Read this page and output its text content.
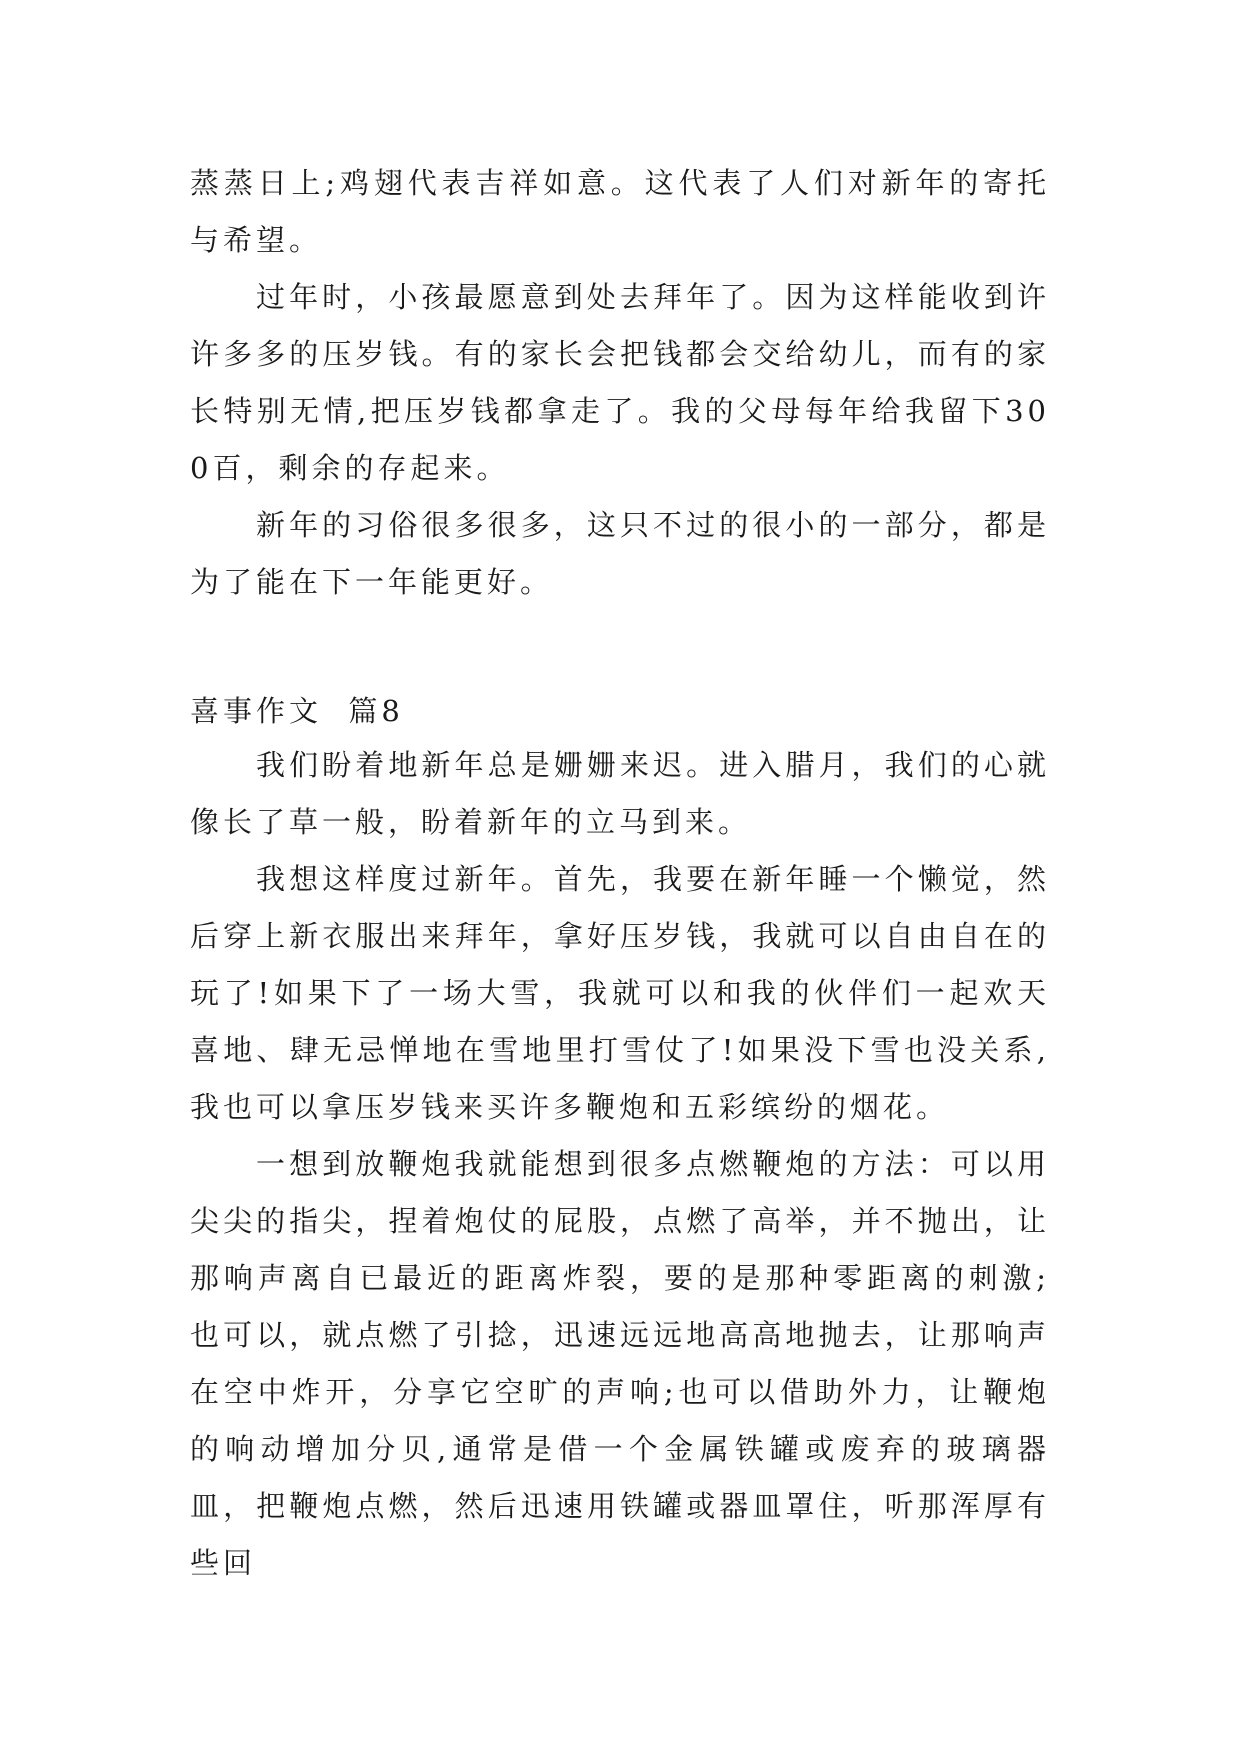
蒸蒸日上;鸡翅代表吉祥如意。这代表了人们对新年的寄托与希望。

过年时，小孩最愿意到处去拜年了。因为这样能收到许许多多的压岁钱。有的家长会把钱都会交给幼儿，而有的家长特别无情,把压岁钱都拿走了。我的父母每年给我留下300百，剩余的存起来。

新年的习俗很多很多，这只不过的很小的一部分，都是为了能在下一年能更好。

喜事作文  篇8

我们盼着地新年总是姗姗来迟。进入腊月，我们的心就像长了草一般，盼着新年的立马到来。

我想这样度过新年。首先，我要在新年睡一个懒觉，然后穿上新衣服出来拜年，拿好压岁钱，我就可以自由自在的玩了!如果下了一场大雪，我就可以和我的伙伴们一起欢天喜地、肆无忌惮地在雪地里打雪仗了!如果没下雪也没关系,我也可以拿压岁钱来买许多鞭炮和五彩缤纷的烟花。

一想到放鞭炮我就能想到很多点燃鞭炮的方法：可以用尖尖的指尖，捏着炮仗的屁股，点燃了高举，并不抛出，让那响声离自已最近的距离炸裂，要的是那种零距离的刺激;也可以，就点燃了引捻，迅速远远地高高地抛去，让那响声在空中炸开，分享它空旷的声响;也可以借助外力，让鞭炮的响动增加分贝,通常是借一个金属铁罐或废弃的玻璃器皿，把鞭炮点燃，然后迅速用铁罐或器皿罩住，听那浑厚有些回
